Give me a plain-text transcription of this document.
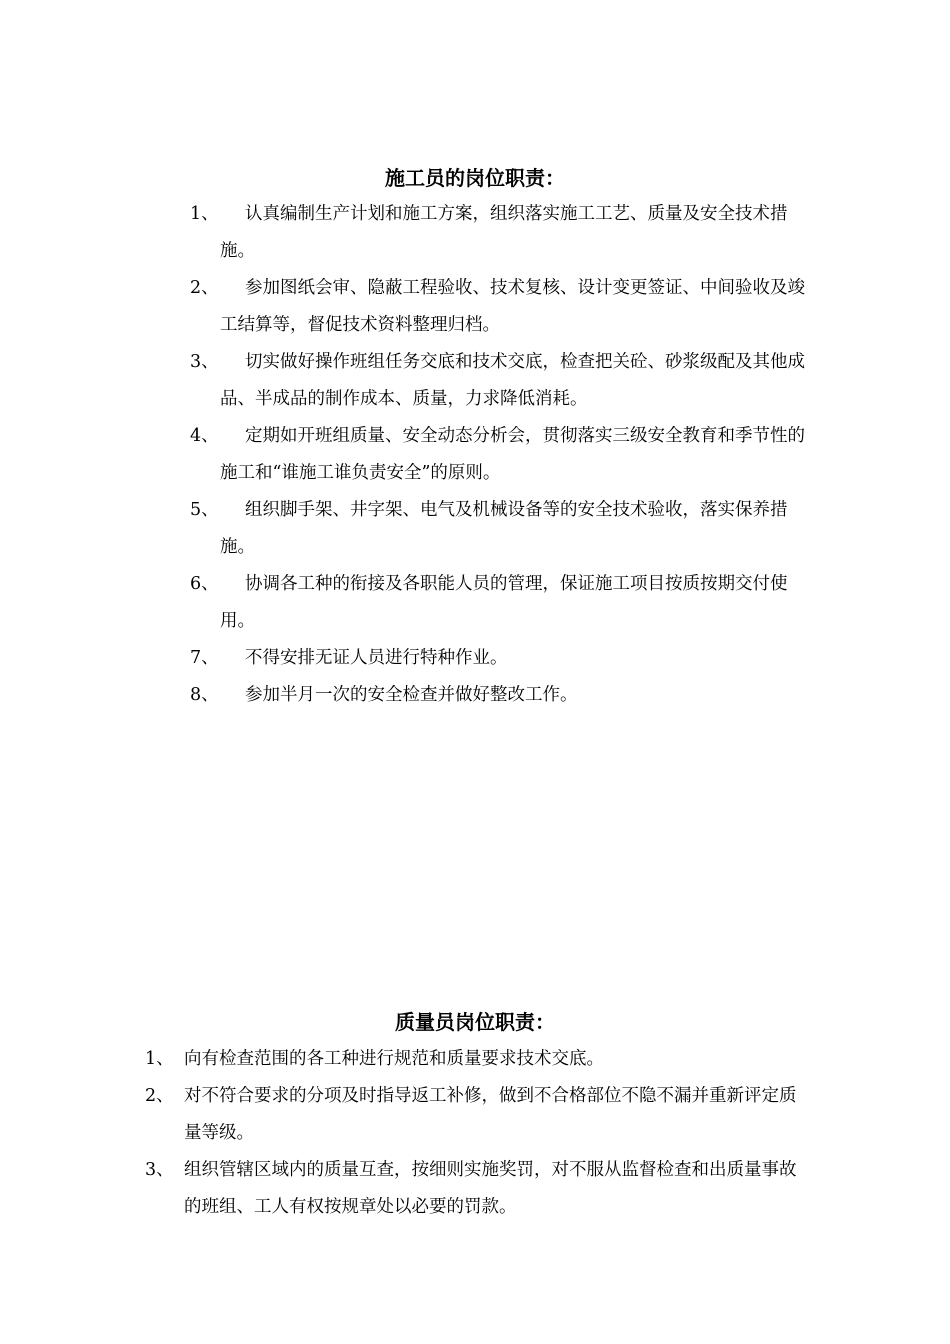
施工员的岗位职责：
1、	认真编制生产计划和施工方案，组织落实施工工艺、质量及安全技术措施。
2、	参加图纸会审、隐蔽工程验收、技术复核、设计变更签证、中间验收及竣工结算等，督促技术资料整理归档。
3、	切实做好操作班组任务交底和技术交底，检查把关砼、砂浆级配及其他成品、半成品的制作成本、质量，力求降低消耗。
4、	定期如开班组质量、安全动态分析会，贯彻落实三级安全教育和季节性的施工和“谁施工谁负责安全”的原则。
5、	组织脚手架、井字架、电气及机械设备等的安全技术验收，落实保养措施。
6、	协调各工种的衔接及各职能人员的管理，保证施工项目按质按期交付使用。
7、	不得安排无证人员进行特种作业。
8、	参加半月一次的安全检查并做好整改工作。
质量员岗位职责：
1、 向有检查范围的各工种进行规范和质量要求技术交底。
2、 对不符合要求的分项及时指导返工补修，做到不合格部位不隐不漏并重新评定质量等级。
3、 组织管辖区域内的质量互查，按细则实施奖罚，对不服从监督检查和出质量事故的班组、工人有权按规章处以必要的罚款。
